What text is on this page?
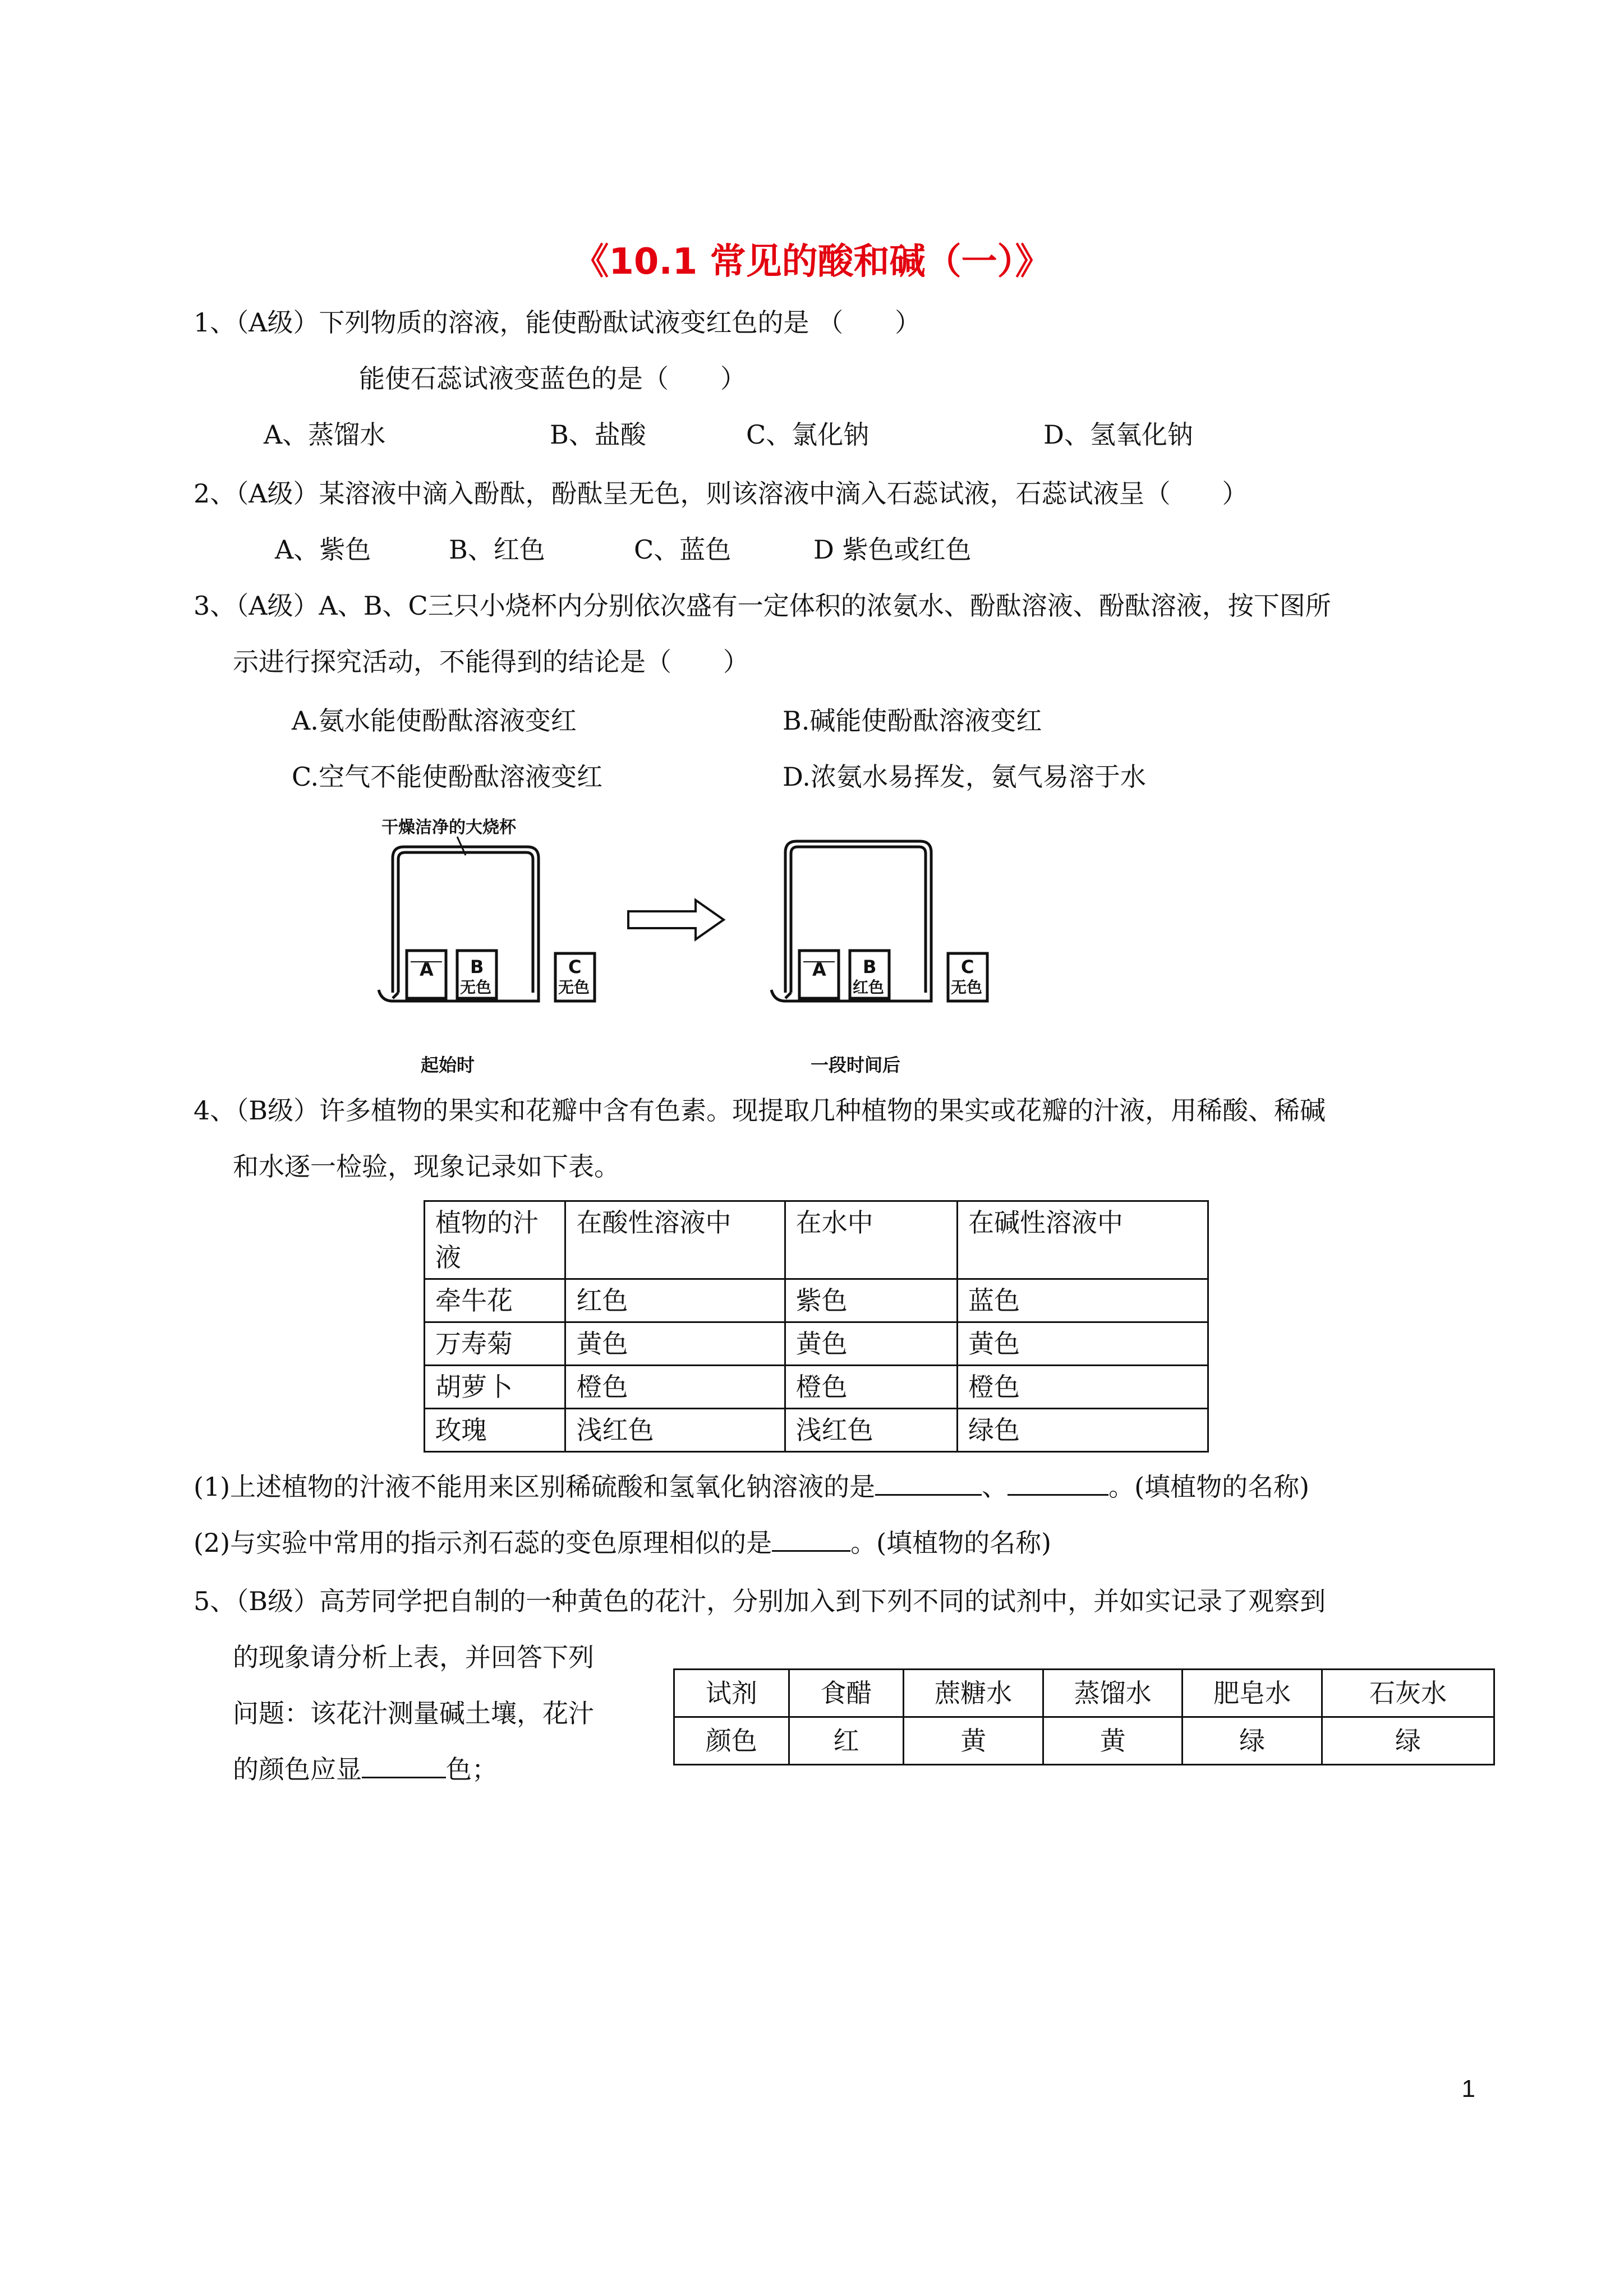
《10.1 常见的酸和碱（一）》
1、（A级）下列物质的溶液，能使酚酞试液变红色的是 （　　）
能使石蕊试液变蓝色的是（　　）
A、蒸馏水	B、盐酸	C、氯化钠	D、氢氧化钠
2、（A级）某溶液中滴入酚酞，酚酞呈无色，则该溶液中滴入石蕊试液，石蕊试液呈（　　）
A、紫色	B、红色	C、蓝色	D 紫色或红色
3、（A级）A、B、C三只小烧杯内分别依次盛有一定体积的浓氨水、酚酞溶液、酚酞溶液，按下图所
示进行探究活动，不能得到的结论是（　　）
A.氨水能使酚酞溶液变红	B.碱能使酚酞溶液变红
C.空气不能使酚酞溶液变红	D.浓氨水易挥发，氨气易溶于水
干燥洁净的大烧杯
A B
无色
C
无色
起始时
A B
红色
C
无色
一段时间后
4、（B级）许多植物的果实和花瓣中含有色素。现提取几种植物的果实或花瓣的汁液，用稀酸、稀碱
和水逐一检验，现象记录如下表。
植物的汁液	在酸性溶液中	在水中	在碱性溶液中
牵牛花	红色	紫色	蓝色
万寿菊	黄色	黄色	黄色
胡萝卜	橙色	橙色	橙色
玫瑰	浅红色	浅红色	绿色
(1)上述植物的汁液不能用来区别稀硫酸和氢氧化钠溶液的是	、	。(填植物的名称)
(2)与实验中常用的指示剂石蕊的变色原理相似的是	。(填植物的名称)
5、（B级）高芳同学把自制的一种黄色的花汁，分别加入到下列不同的试剂中，并如实记录了观察到
的现象请分析上表，并回答下列
问题：该花汁测量碱土壤，花汁
的颜色应显	色；
试剂	食醋	蔗糖水	蒸馏水	肥皂水	石灰水
颜色	红	黄	黄	绿	绿
1
